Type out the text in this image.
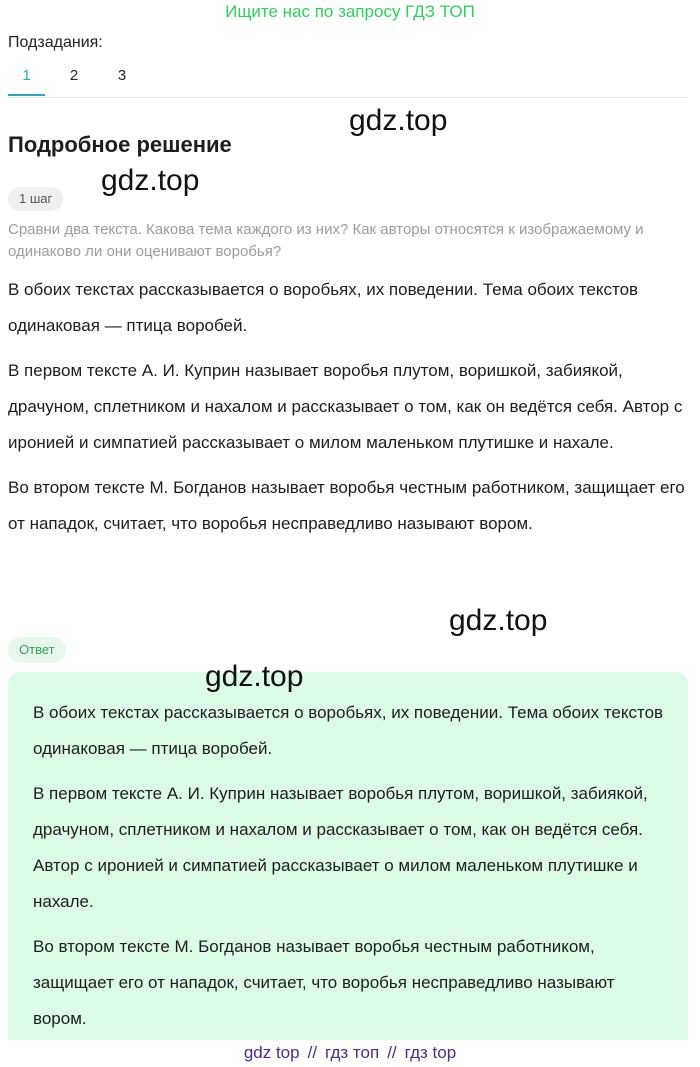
Ищите нас по запросу ГДЗ ТОП
Подзадания:
1	2	3
Подробное решение
gdz.top
gdz.top
1 шаг
Сравни два текста. Какова тема каждого из них? Как авторы относятся к изображаемому и одинаково ли они оценивают воробья?

В обоих текстах рассказывается о воробьях, их поведении. Тема обоих текстов одинаковая — птица воробей.

В первом тексте А. И. Куприн называет воробья плутом, воришкой, забиякой, драчуном, сплетником и нахалом и рассказывает о том, как он ведётся себя. Автор с иронией и симпатией рассказывает о милом маленьком плутишке и нахале.

Во втором тексте М. Богданов называет воробья честным работником, защищает его от нападок, считает, что воробья несправедливо называют вором.

gdz.top
Ответ

В обоих текстах рассказывается о воробьях, их поведении. Тема обоих текстов одинаковая — птица воробей.

В первом тексте А. И. Куприн называет воробья плутом, воришкой, забиякой, драчуном, сплетником и нахалом и рассказывает о том, как он ведётся себя. Автор с иронией и симпатией рассказывает о милом маленьком плутишке и нахале.

Во втором тексте М. Богданов называет воробья честным работником, защищает его от нападок, считает, что воробья несправедливо называют вором.

gdz.top
gdz top // гдз топ // гдз top
